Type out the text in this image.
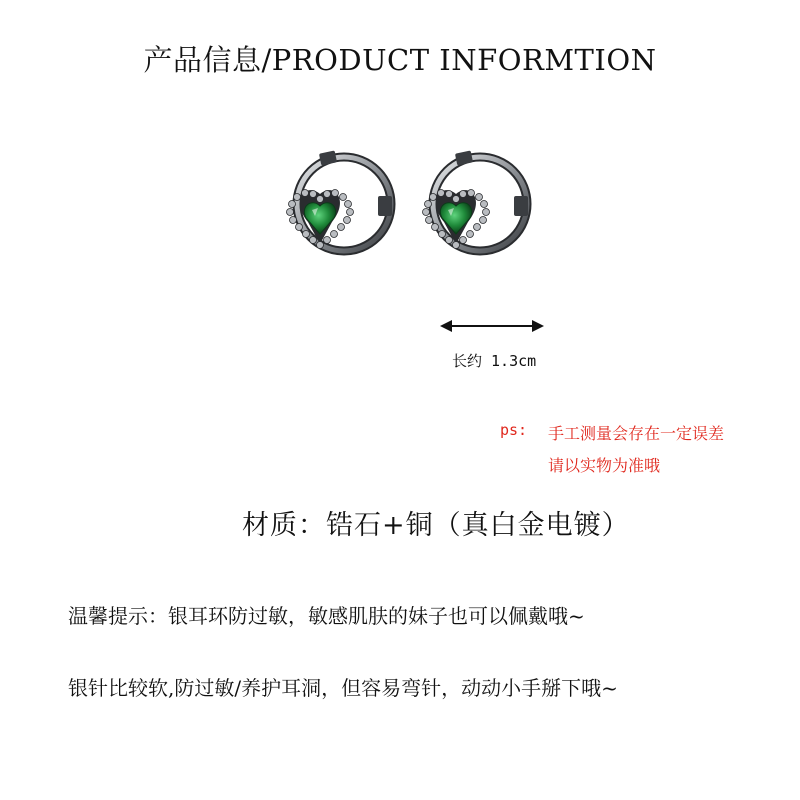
产品信息/PRODUCT INFORMTION
长约 1.3cm
ps: 手工测量会存在一定误差
请以实物为准哦
材质：锆石+铜（真白金电镀）
温馨提示：银耳环防过敏，敏感肌肤的妹子也可以佩戴哦~
银针比较软,防过敏/养护耳洞，但容易弯针，动动小手掰下哦~
